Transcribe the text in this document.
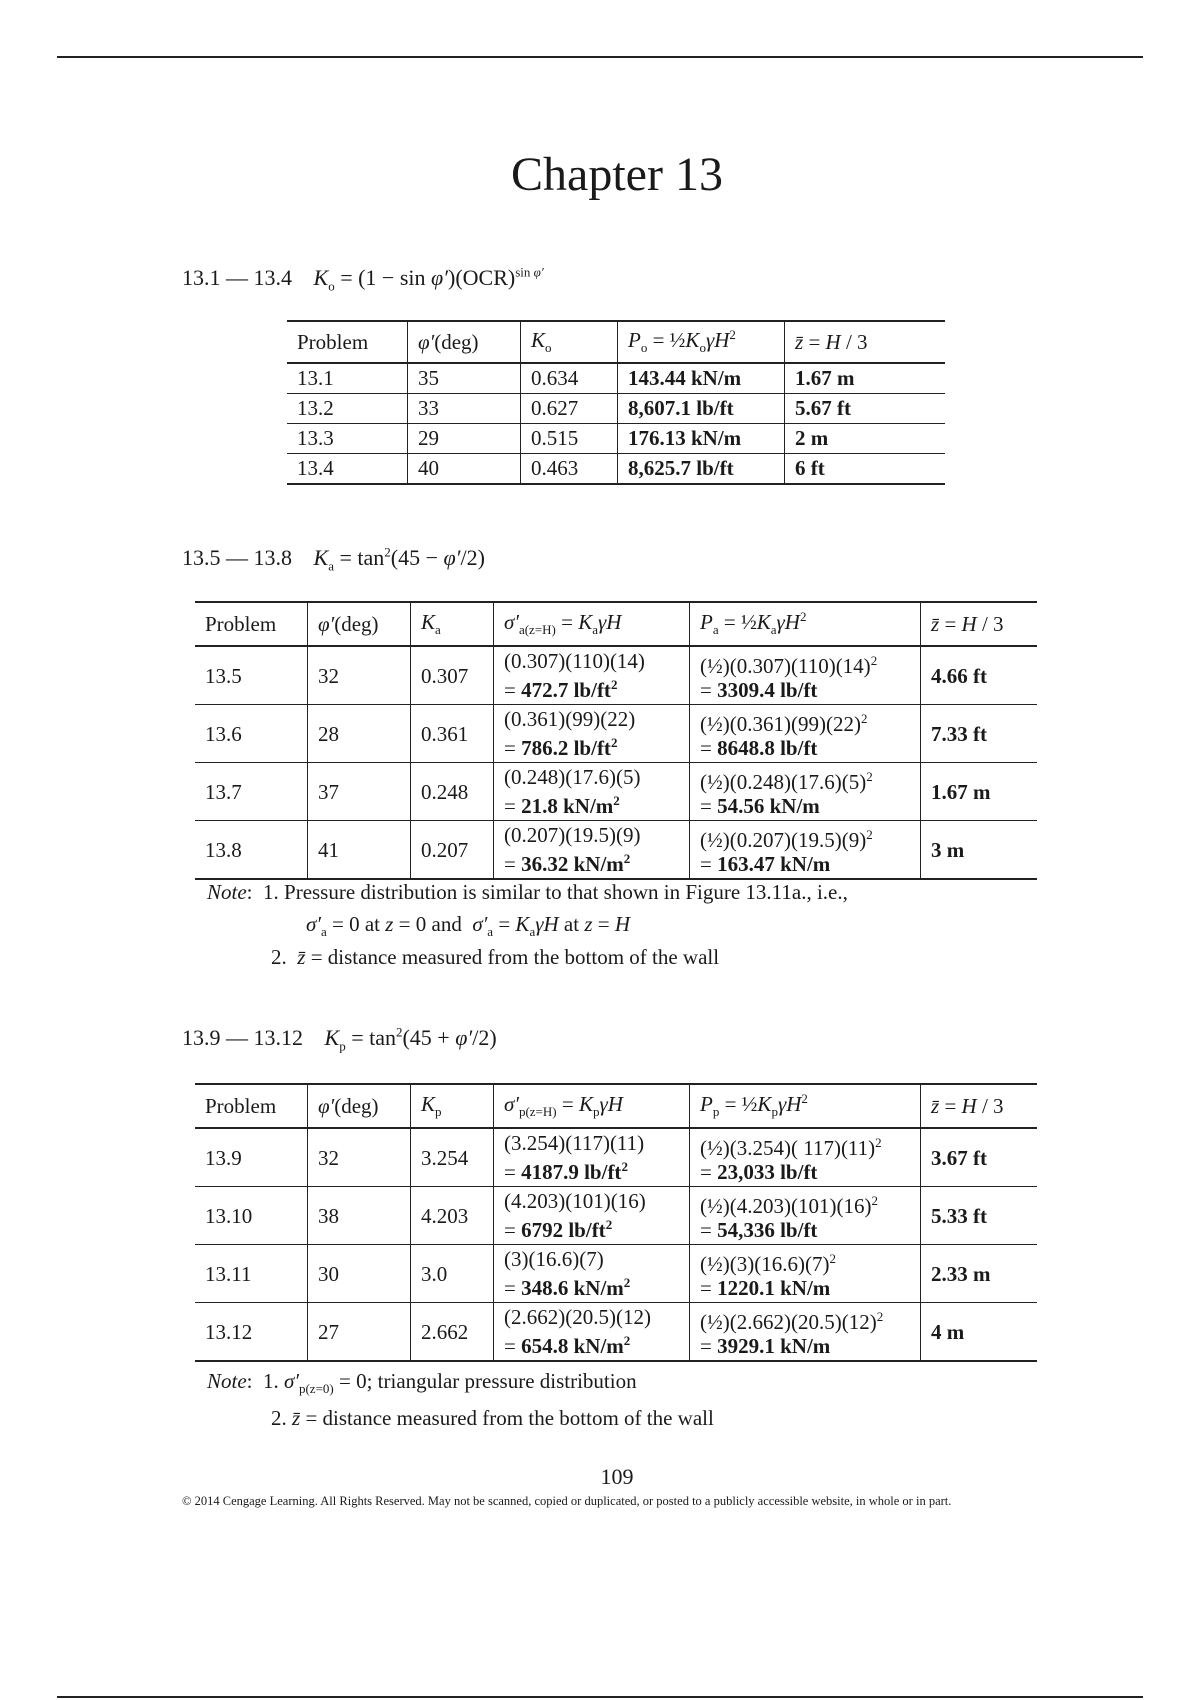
Chapter 13
13.1 — 13.4 $K_o = (1 - \sin \varphi')(OCR)^{sin \varphi'}$
Problem	φ′(deg)	$K_o$	$P_o$ = $\frac{1}{2}K_o\gamma H^2$	z̄ = H / 3
13.1	35	0.634	143.44 kN/m	1.67 m
13.2	33	0.627	8,607.1 lb/ft	5.67 ft
13.3	29	0.515	176.13 kN/m	2 m
13.4	40	0.463	8,625.7 lb/ft	6 ft
13.5 — 13.8 $K_a = \tan^2(45 - \varphi'/2)$
Problem	φ′(deg)	$K_a$	$\sigma'_{a(z=H)} = K_a\gamma H$	$P_a$ = $\frac{1}{2}K_a\gamma H^2$	z̄ = H / 3
13.5	32	0.307	(0.307)(110)(14)
= 472.7 $lb/ft^2$	$(\frac{1}{2})(0.307)(110)(14)^2$
= 3309.4 lb/ft	4.66 ft
13.6	28	0.361	(0.361)(99)(22)
= 786.2 $lb/ft^2$	$(\frac{1}{2})(0.361)(99)(22)^2$
= 8648.8 lb/ft	7.33 ft
13.7	37	0.248	(0.248)(17.6)(5)
= 21.8 $kN/m^2$	$(\frac{1}{2})(0.248)(17.6)(5)^2$
= 54.56 kN/m	1.67 m
13.8	41	0.207	(0.207)(19.5)(9)
= 36.32 $kN/m^2$	$(\frac{1}{2})(0.207)(19.5)(9)^2$
= 163.47 kN/m	3 m
Note:  1. Pressure distribution is similar to that shown in Figure 13.11a., i.e.,
$\sigma'_a = 0$ at z = 0 and  $\sigma'_a = K_a\gamma H$ at z = H
2. z̄ = distance measured from the bottom of the wall
13.9 — 13.12 $K_p = \tan^2(45 + \varphi'/2)$
Problem	φ′(deg)	$K_p$	$\sigma'_{p(z=H)} = K_p\gamma H$	$P_p$ = $\frac{1}{2}K_p\gamma H^2$	z̄ = H / 3
13.9	32	3.254	(3.254)(117)(11)
= 4187.9 $lb/ft^2$	(½)(3.254)( $117)(11)^2$
= 23,033 lb/ft	3.67 ft
13.10	38	4.203	(4.203)(101)(16)
= 6792 $lb/ft^2$	$(\frac{1}{2})(4.203)(101)(16)^2$
= 54,336 lb/ft	5.33 ft
13.11	30	3.0	(3)(16.6)(7)
= 348.6 $kN/m^2$	$(\frac{1}{2})(3)(16.6)(7)^2$
= 1220.1 kN/m	2.33 m
13.12	27	2.662	(2.662)(20.5)(12)
= 654.8 $kN/m^2$	$(\frac{1}{2})(2.662)(20.5)(12)^2$
= 3929.1 kN/m	4 m
Note:  1. $\sigma'_{p(z=0)} = 0$; triangular pressure distribution
2. z̄ = distance measured from the bottom of the wall
109
© 2014 Cengage Learning. All Rights Reserved. May not be scanned, copied or duplicated, or posted to a publicly accessible website, in whole or in part.
